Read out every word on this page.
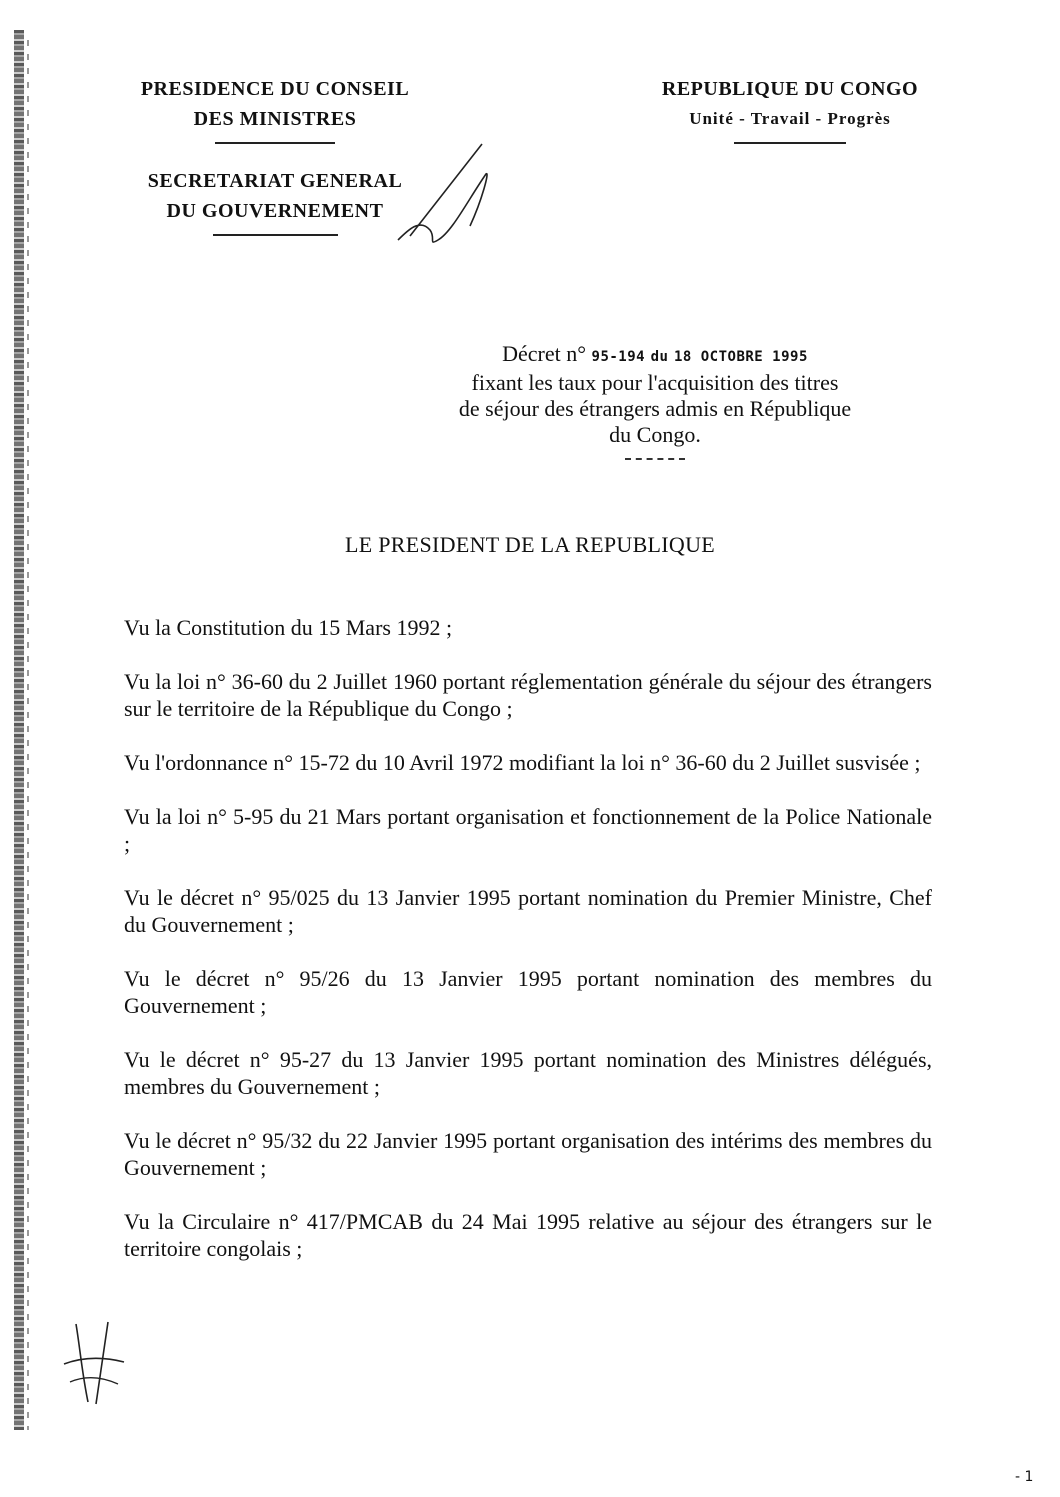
PRESIDENCE DU CONSEIL
DES MINISTRES
SECRETARIAT GENERAL
DU GOUVERNEMENT
REPUBLIQUE DU CONGO
Unité - Travail - Progrès
Décret n° 95-194 du 18 OCTOBRE 1995
fixant les taux pour l'acquisition des titres
de séjour des étrangers admis en République
du Congo.
LE PRESIDENT DE LA REPUBLIQUE

Vu la Constitution du 15 Mars 1992 ;

Vu la loi n° 36-60 du 2 Juillet 1960 portant réglementation générale du séjour des étrangers sur le territoire de la République du Congo ;

Vu l'ordonnance n° 15-72 du 10 Avril 1972 modifiant la loi n° 36-60 du 2 Juillet susvisée ;

Vu la loi n° 5-95 du 21 Mars portant organisation et fonctionnement de la Police Nationale ;

Vu le décret n° 95/025 du 13 Janvier 1995 portant nomination du Premier Ministre, Chef du Gouvernement ;

Vu le décret n° 95/26 du 13 Janvier 1995 portant nomination des membres du Gouvernement ;

Vu le décret n° 95-27 du 13 Janvier 1995 portant nomination des Ministres délégués, membres du Gouvernement ;

Vu le décret n° 95/32 du 22 Janvier 1995 portant organisation des intérims des membres du Gouvernement ;

Vu la Circulaire n° 417/PMCAB du 24 Mai 1995 relative au séjour des étrangers sur le territoire congolais ;

- 1
